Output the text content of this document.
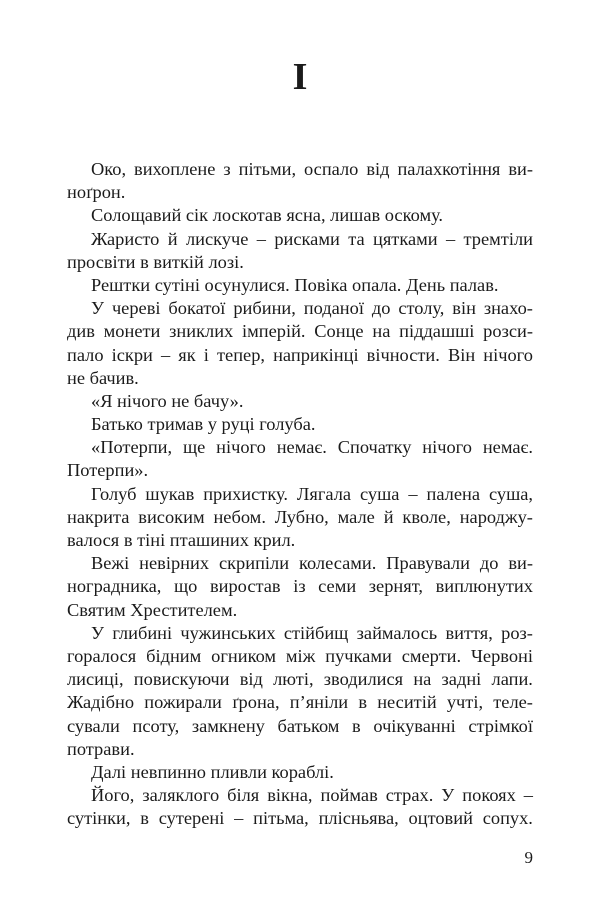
I
Око, вихоплене з пітьми, оспало від палахкотіння ви-
ноґрон.
Солощавий сік лоскотав ясна, лишав оскому.
Жаристо й лискуче – рисками та цятками – тремтіли
просвіти в виткій лозі.
Рештки сутіні осунулися. Повіка опала. День палав.
У череві бокатої рибини, поданої до столу, він знахо-
див монети зниклих імперій. Сонце на піддашші розси-
пало іскри – як і тепер, наприкінці вічности. Він нічого
не бачив.
«Я нічого не бачу».
Батько тримав у руці голуба.
«Потерпи, ще нічого немає. Спочатку нічого немає.
Потерпи».
Голуб шукав прихистку. Лягала суша – палена суша,
накрита високим небом. Лубно, мале й кволе, народжу-
валося в тіні пташиних крил.
Вежі невірних скрипіли колесами. Правували до ви-
ноградника, що виростав із семи зернят, виплюнутих
Святим Хрестителем.
У глибині чужинських стійбищ займалось виття, роз-
горалося бідним огником між пучками смерти. Червоні
лисиці, повискуючи від люті, зводилися на задні лапи.
Жадібно пожирали ґрона, п’яніли в неситій учті, теле-
сували псоту, замкнену батьком в очікуванні стрімкої
потрави.
Далі невпинно пливли кораблі.
Його, заляклого біля вікна, поймав страх. У покоях –
сутінки, в сутерені – пітьма, плісньява, оцтовий сопух.
9
